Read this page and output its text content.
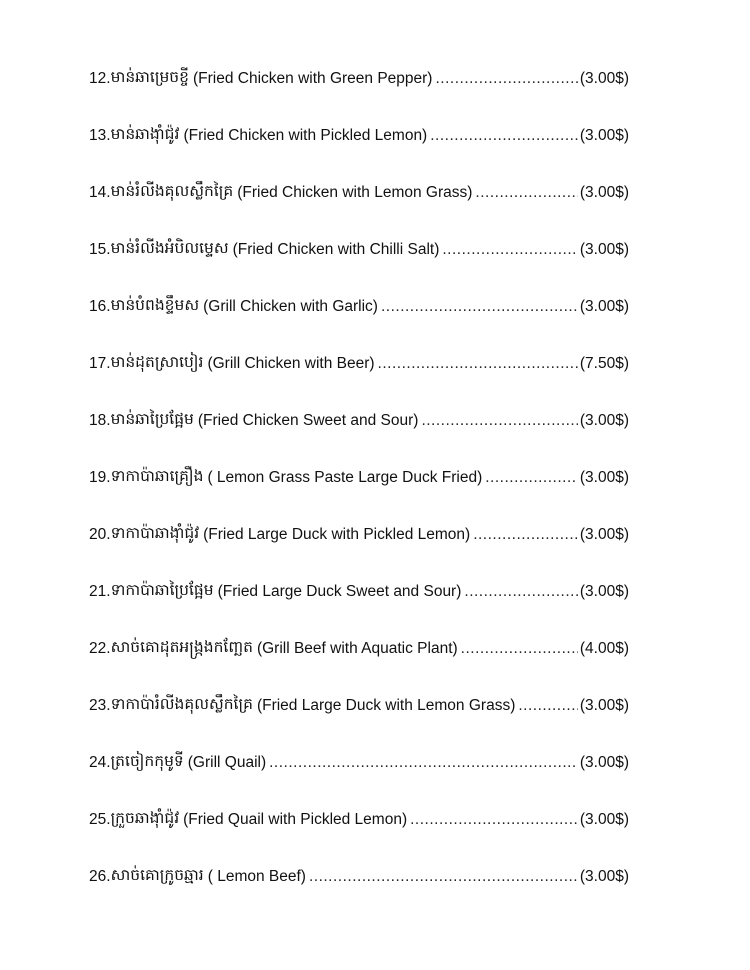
12. មាន់ឆាម្រេចខ្ចី (Fried Chicken with Green Pepper) .....	(3.00$)
13. មាន់ឆាង៉ាំជ៉ូវ (Fried Chicken with Pickled Lemon) .....	(3.00$)
14. មាន់រំលីងគុលស្លឹកគ្រៃ (Fried Chicken with Lemon Grass) .....	(3.00$)
15. មាន់រំលីងអំបិលម្ទេស (Fried Chicken with Chilli Salt) .....	(3.00$)
16. មាន់បំពងខ្ទឹមស (Grill Chicken with Garlic) .....	(3.00$)
17. មាន់ដុតស្រាបៀរ (Grill Chicken with Beer) .....	(7.50$)
18. មាន់ឆាប្រៃផ្អែម (Fried Chicken Sweet and Sour) .....	(3.00$)
19. ទាកាប៉ាឆាគ្រឿង ( Lemon Grass Paste Large Duck Fried) .....	(3.00$)
20. ទាកាប៉ាឆាង៉ាំជ៉ូវ (Fried Large Duck with Pickled Lemon) .....	(3.00$)
21. ទាកាប៉ាឆាប្រៃផ្អែម (Fried Large Duck Sweet and Sour) .....	(3.00$)
22. សាច់គោដុតអង្រ្កងកញ្ឆែត (Grill Beef with Aquatic Plant) .....	(4.00$)
23. ទាកាប៉ារំលីងគុលស្លឹកគ្រៃ (Fried Large Duck with Lemon Grass) .....	(3.00$)
24. ត្រចៀកកុមូទី (Grill Quail) .....	(3.00$)
25. ក្រួចឆាង៉ាំជ៉ូវ (Fried Quail with Pickled Lemon) .....	(3.00$)
26. សាច់គោក្រូចឆ្មារ ( Lemon Beef) .....	(3.00$)
